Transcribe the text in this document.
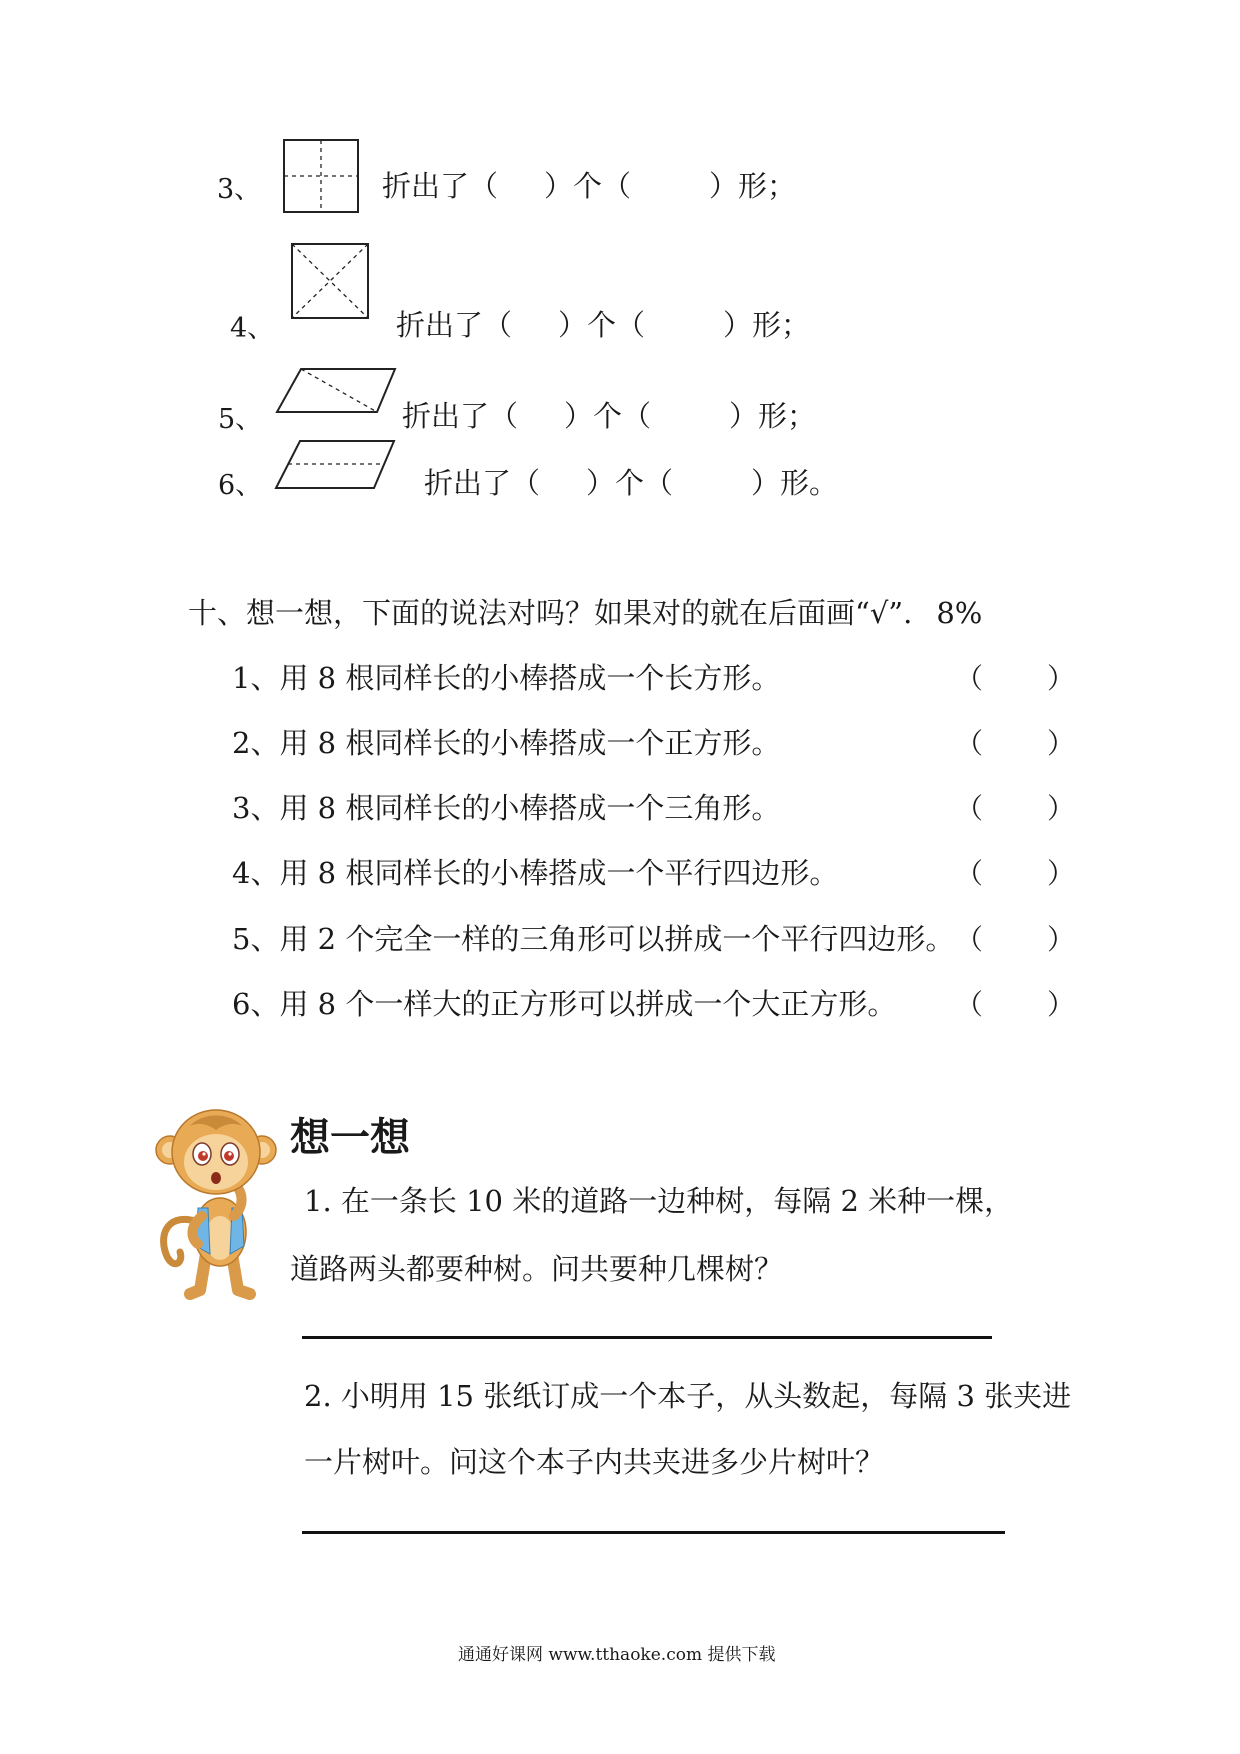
3、	折出了（ ）个（	）形；
4、	折出了（ ）个（	）形；
5、	折出了（ ）个（	）形；
6、	折出了（ ）个（	）形。
十、想一想，下面的说法对吗？如果对的就在后面画“√”. 8%
1、用 8 根同样长的小棒搭成一个长方形。	（ ）
2、用 8 根同样长的小棒搭成一个正方形。	（ ）
3、用 8 根同样长的小棒搭成一个三角形。	（ ）
4、用 8 根同样长的小棒搭成一个平行四边形。	（ ）
5、用 2 个完全一样的三角形可以拼成一个平行四边形。 （ ）
6、用 8 个一样大的正方形可以拼成一个大正方形。 （ ）
想一想
1. 在一条长 10 米的道路一边种树，每隔 2 米种一棵，
道路两头都要种树。问共要种几棵树？
2. 小明用 15 张纸订成一个本子，从头数起，每隔 3 张夹进
一片树叶。问这个本子内共夹进多少片树叶？
通通好课网 www.tthaoke.com 提供下载
